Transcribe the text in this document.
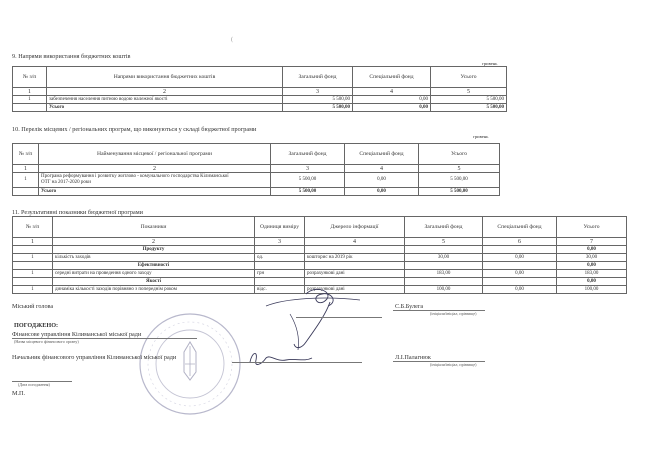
(
9. Напрями використання бюджетних коштів
гривень
№ з/п	Напрями використання бюджетних коштів	Загальний фонд	Спеціальний фонд	Усього
1	2	3	4	5
1	забезпечення населення питною водою належної якості	5 500,00	0,00	5 500,00
	Усього	5 500,00	0,00	5 500,00
10. Перелік місцевих / регіональних програм, що виконуються у складі бюджетної програми
гривень
№ з/п	Найменування місцевої / регіональної програми	Загальний фонд	Спеціальний фонд	Усього
1	2	3	4	5
1	Програма реформування і розвитку житлово - комунального господарства Кілиманської
ОТГ на 2017-2020 роки	5 500,00	0,00	5 500,00
	Усього	5 500,00	0,00	5 500,00
11. Результативні показники бюджетної програми
№ з/п	Показники	Одиниця виміру	Джерело інформації	Загальний фонд	Спеціальний фонд	Усього
1	2	3	4	5	6	7
	Продукту					0,00
1	кількість заходів	од.	кошторис на 2019 рік	30,00	0,00	30,00
	Ефективності					0,00
1	середні витрати на проведення одного заходу	грн	розрахункові дані	183,00	0,00	183,00
	Якості					0,00
1	динаміка кількості заходів порівняно з попереднім роком	відс.	розрахункові дані	100,00	0,00	100,00
Міський голова	С.Б.Булега
(ініціали/ініціал, прізвище)
ПОГОДЖЕНО:
Фінансове управління Кілиманської міської ради
(Назва місцевого фінансового органу)
Начальник фінансового управління Кілиманської міської ради	Л.І.Палагнюк
(ініціали/ініціал, прізвище)
(Дата погодження)
М.П.
